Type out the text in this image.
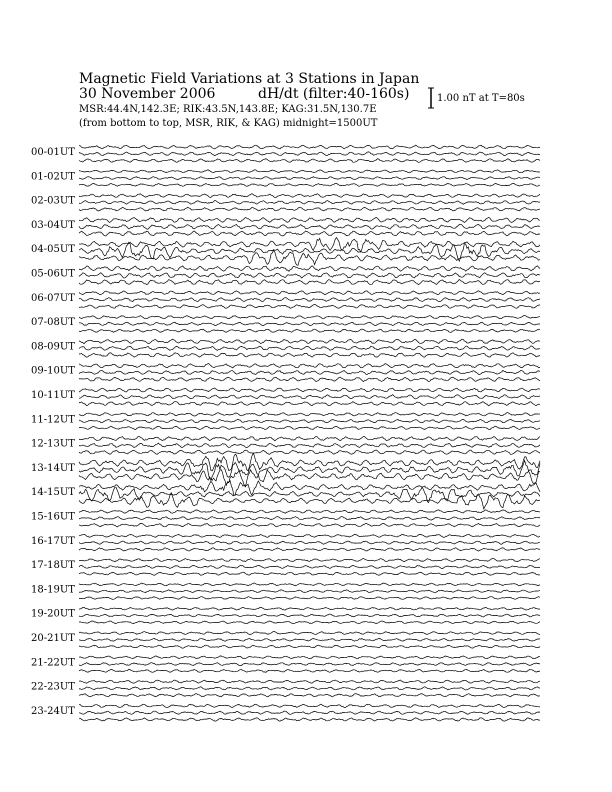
Magnetic Field Variations at 3 Stations in Japan
30 November 2006	dH/dt (filter:40-160s)
MSR:44.4N,142.3E; RIK:43.5N,143.8E; KAG:31.5N,130.7E
(from bottom to top, MSR, RIK, & KAG) midnight=1500UT
1.00 nT at T=80s
00-01UT
01-02UT
02-03UT
03-04UT
04-05UT
05-06UT
06-07UT
07-08UT
08-09UT
09-10UT
10-11UT
11-12UT
12-13UT
13-14UT
14-15UT
15-16UT
16-17UT
17-18UT
18-19UT
19-20UT
20-21UT
21-22UT
22-23UT
23-24UT
